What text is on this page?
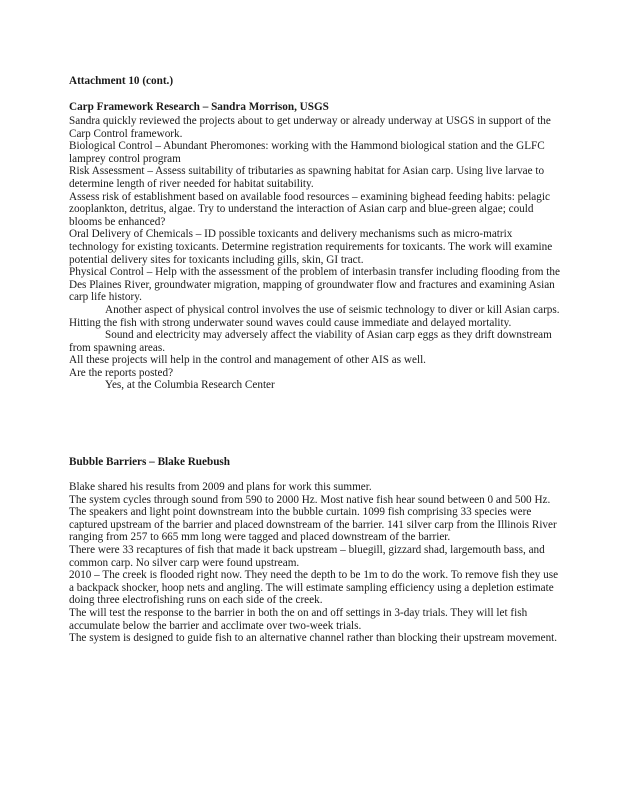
Attachment 10 (cont.)

Carp Framework Research – Sandra Morrison, USGS

Sandra quickly reviewed the projects about to get underway or already underway at USGS in support of the Carp Control framework.

Biological Control – Abundant Pheromones: working with the Hammond biological station and the GLFC lamprey control program

Risk Assessment – Assess suitability of tributaries as spawning habitat for Asian carp. Using live larvae to determine length of river needed for habitat suitability.

Assess risk of establishment based on available food resources – examining bighead feeding habits: pelagic zooplankton, detritus, algae. Try to understand the interaction of Asian carp and blue-green algae; could blooms be enhanced?

Oral Delivery of Chemicals – ID possible toxicants and delivery mechanisms such as micro-matrix technology for existing toxicants. Determine registration requirements for toxicants. The work will examine potential delivery sites for toxicants including gills, skin, GI tract.

Physical Control – Help with the assessment of the problem of interbasin transfer including flooding from the Des Plaines River, groundwater migration, mapping of groundwater flow and fractures and examining Asian carp life history.

Another aspect of physical control involves the use of seismic technology to diver or kill Asian carps. Hitting the fish with strong underwater sound waves could cause immediate and delayed mortality.

Sound and electricity may adversely affect the viability of Asian carp eggs as they drift downstream from spawning areas.

All these projects will help in the control and management of other AIS as well.

Are the reports posted?

Yes, at the Columbia Research Center

Bubble Barriers – Blake Ruebush

Blake shared his results from 2009 and plans for work this summer.

The system cycles through sound from 590 to 2000 Hz. Most native fish hear sound between 0 and 500 Hz.

The speakers and light point downstream into the bubble curtain. 1099 fish comprising 33 species were captured upstream of the barrier and placed downstream of the barrier. 141 silver carp from the Illinois River ranging from 257 to 665 mm long were tagged and placed downstream of the barrier.

There were 33 recaptures of fish that made it back upstream – bluegill, gizzard shad, largemouth bass, and common carp. No silver carp were found upstream.

2010 – The creek is flooded right now. They need the depth to be 1m to do the work. To remove fish they use a backpack shocker, hoop nets and angling. The will estimate sampling efficiency using a depletion estimate doing three electrofishing runs on each side of the creek.

The will test the response to the barrier in both the on and off settings in 3-day trials. They will let fish accumulate below the barrier and acclimate over two-week trials.

The system is designed to guide fish to an alternative channel rather than blocking their upstream movement.
